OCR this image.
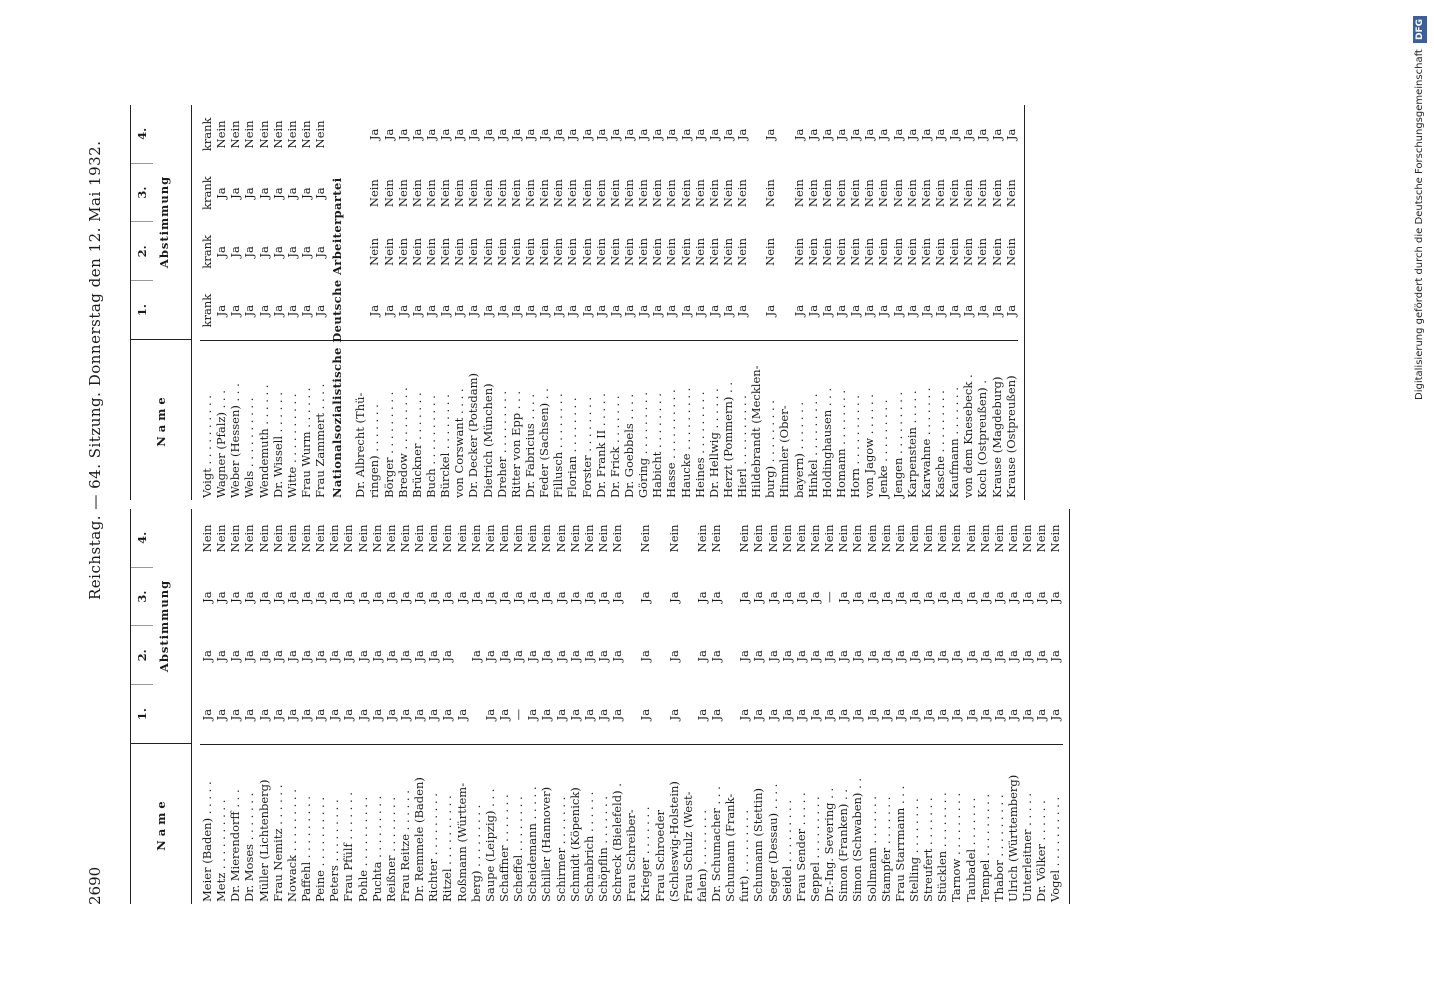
2690
Reichstag. — 64. Sitzung. Donnerstag den 12. Mai 1932.
Name
1.
2.
3.
4.
Abstimmung
Meier (Baden) . . . . .
Ja
Ja
Ja
Nein
Metz . . . . . . . . . .
Ja
Ja
Ja
Nein
Dr. Mierendorff . . .
Ja
Ja
Ja
Nein
Dr. Moses . . . . . . .
Ja
Ja
Ja
Nein
Müller (Lichtenberg)
Ja
Ja
Ja
Nein
Frau Nemitz . . . . . .
Ja
Ja
Ja
Nein
Nowack . . . . . . . . .
Ja
Ja
Ja
Nein
Paffehl . . . . . . . . .
Ja
Ja
Ja
Nein
Peine . . . . . . . . . .
Ja
Ja
Ja
Nein
Peters . . . . . . . . .
Ja
Ja
Ja
Nein
Frau Pfülf . . . . . . .
Ja
Ja
Ja
Nein
Pohle . . . . . . . . . .
Ja
Ja
Ja
Nein
Puchta . . . . . . . . .
Ja
Ja
Ja
Nein
Reißner . . . . . . . .
Ja
Ja
Ja
Nein
Frau Reitze . . . . . .
Ja
Ja
Ja
Nein
Dr. Remmele (Baden)
Ja
Ja
Ja
Nein
Richter . . . . . . . . .
Ja
Ja
Ja
Nein
Ritzel . . . . . . . . . .
Ja
Ja
Ja
Nein
Roßmann (Württem-
Ja
Ja
Nein
berg) . . . . . . . . .
Ja
Ja
Nein
Saupe (Leipzig) . . .
Ja
Ja
Ja
Nein
Schaffner . . . . . . .
Ja
Ja
Ja
Nein
Scheffel . . . . . . . .
—
Ja
Ja
Nein
Scheidemann . . . . .
Ja
Ja
Ja
Nein
Schiller (Hannover)
Ja
Ja
Ja
Nein
Schirmer . . . . . . .
Ja
Ja
Ja
Nein
Schmidt (Köpenick)
Ja
Ja
Ja
Nein
Schnabrich . . . . . .
Ja
Ja
Ja
Nein
Schöpflin . . . . . . .
Ja
Ja
Ja
Nein
Schreck (Bielefeld) .
Ja
Ja
Ja
Nein
Frau Schreiber- Krieger . . . . . . .
Ja
Ja
Ja
Nein
Frau Schroeder (Schleswig-Holstein)
Ja
Ja
Ja
Nein
Frau Schulz (West- falen) . . . . . . . .
Ja
Ja
Ja
Nein
Dr. Schumacher . . .
Ja
Ja
Ja
Nein
Schumann (Frank- furt) . . . . . . . . .
Ja
Ja
Ja
Nein
Schumann (Stettin)
Ja
Ja
Ja
Nein
Seger (Dessau) . . . .
Ja
Ja
Ja
Nein
Seidel . . . . . . . . .
Ja
Ja
Ja
Nein
Frau Sender . . . . .
Ja
Ja
Ja
Nein
Seppel . . . . . . . . .
Ja
Ja
Ja
Nein
Dr.-Ing. Severing . .
Ja
Ja
—
Nein
Simon (Franken) . .
Ja
Ja
Ja
Nein
Simon (Schwaben) . .
Ja
Ja
Ja
Nein
Sollmann . . . . . . .
Ja
Ja
Ja
Nein
Stampfer . . . . . . .
Ja
Ja
Ja
Nein
Frau Starrmann . . .
Ja
Ja
Ja
Nein
Stelling . . . . . . . .
Ja
Ja
Ja
Nein
Streufert . . . . . . .
Ja
Ja
Ja
Nein
Stücklen . . . . . . . .
Ja
Ja
Ja
Nein
Tarnow . . . . . . . . .
Ja
Ja
Ja
Nein
Taubadel . . . . . . .
Ja
Ja
Ja
Nein
Tempel . . . . . . . . .
Ja
Ja
Ja
Nein
Thabor . . . . . . . . .
Ja
Ja
Ja
Nein
Ulrich (Württemberg)
Ja
Ja
Ja
Nein
Unterleitner . . . . .
Ja
Ja
Ja
Nein
Dr. Völker . . . . . .
Ja
Ja
Ja
Nein
Vogel . . . . . . . . . .
Ja
Ja
Ja
Nein
Name
1.
2.
3.
4.
Abstimmung
Voigt . . . . . . . . . .
krank
krank
krank
krank
Wagner (Pfalz) . . .
Ja
Ja
Ja
Nein
Weber (Hessen) . . .
Ja
Ja
Ja
Nein
Wels . . . . . . . . . .
Ja
Ja
Ja
Nein
Wendemuth . . . . . .
Ja
Ja
Ja
Nein
Dr. Wissell . . . . . .
Ja
Ja
Ja
Nein
Witte . . . . . . . . . .
Ja
Ja
Ja
Nein
Frau Wurm . . . . . .
Ja
Ja
Ja
Nein
Frau Zammert . . . .
Ja
Ja
Ja
Nein
Nationalsozialistische Deutsche Arbeiterpartei Dr. Albrecht (Thü- ringen) . . . . . . .
Ja
Nein
Nein
Ja
Börger . . . . . . . . .
Ja
Nein
Nein
Ja
Bredow . . . . . . . . .
Ja
Nein
Nein
Ja
Brückner . . . . . . .
Ja
Nein
Nein
Ja
Buch . . . . . . . . . .
Ja
Nein
Nein
Ja
Bürckel . . . . . . . .
Ja
Nein
Nein
Ja
von Corswant . . . .
Ja
Nein
Nein
Ja
Dr. Decker (Potsdam)
Ja
Nein
Nein
Ja
Dietrich (München)
Ja
Nein
Nein
Ja
Dreher . . . . . . . . .
Ja
Nein
Nein
Ja
Ritter von Epp . . .
Ja
Nein
Nein
Ja
Dr. Fabricius . . . .
Ja
Nein
Nein
Ja
Feder (Sachsen) . .
Ja
Nein
Nein
Ja
Fillusch . . . . . . . .
Ja
Nein
Nein
Ja
Florian . . . . . . . .
Ja
Nein
Nein
Ja
Forster . . . . . . . .
Ja
Nein
Nein
Ja
Dr. Frank II . . . . .
Ja
Nein
Nein
Ja
Dr. Frick . . . . . . .
Ja
Nein
Nein
Ja
Dr. Goebbels . . . .
Ja
Nein
Nein
Ja
Göring . . . . . . . . .
Ja
Nein
Nein
Ja
Habicht . . . . . . . .
Ja
Nein
Nein
Ja
Hasse . . . . . . . . . .
Ja
Nein
Nein
Ja
Haucke . . . . . . . . .
Ja
Nein
Nein
Ja
Heines . . . . . . . . .
Ja
Nein
Nein
Ja
Dr. Hellwig . . . . . .
Ja
Nein
Nein
Ja
Herzt (Pommern) . .
Ja
Nein
Nein
Ja
Hierl . . . . . . . . . .
Ja
Nein
Nein
Ja
Hildebrandt (Mecklen- burg) . . . . . . . . .
Ja
Nein
Nein
Ja
Himmler (Ober- bayern) . . . . . . .
Ja
Nein
Nein
Ja
Hinkel . . . . . . . . .
Ja
Nein
Nein
Ja
Holdinghausen . . .
Ja
Nein
Nein
Ja
Homann . . . . . . . .
Ja
Nein
Nein
Ja
Horn . . . . . . . . . .
Ja
Nein
Nein
Ja
von Jagow . . . . . .
Ja
Nein
Nein
Ja
Jenke . . . . . . . . .
Ja
Nein
Nein
Ja
Jengen . . . . . . . . .
Ja
Nein
Nein
Ja
Karpenstein . . . . .
Ja
Nein
Nein
Ja
Karwahne . . . . . . .
Ja
Nein
Nein
Ja
Kasche . . . . . . . . .
Ja
Nein
Nein
Ja
Kaufmann . . . . . . .
Ja
Nein
Nein
Ja
von dem Knesebeck .
Ja
Nein
Nein
Ja
Koch (Ostpreußen) .
Ja
Nein
Nein
Ja
Krause (Magdeburg)
Ja
Nein
Nein
Ja
Krause (Ostpreußen)
Ja
Nein
Nein
Ja	Digitalisierung gefördert durch die Deutsche Forschungsgemeinschaft DFG
